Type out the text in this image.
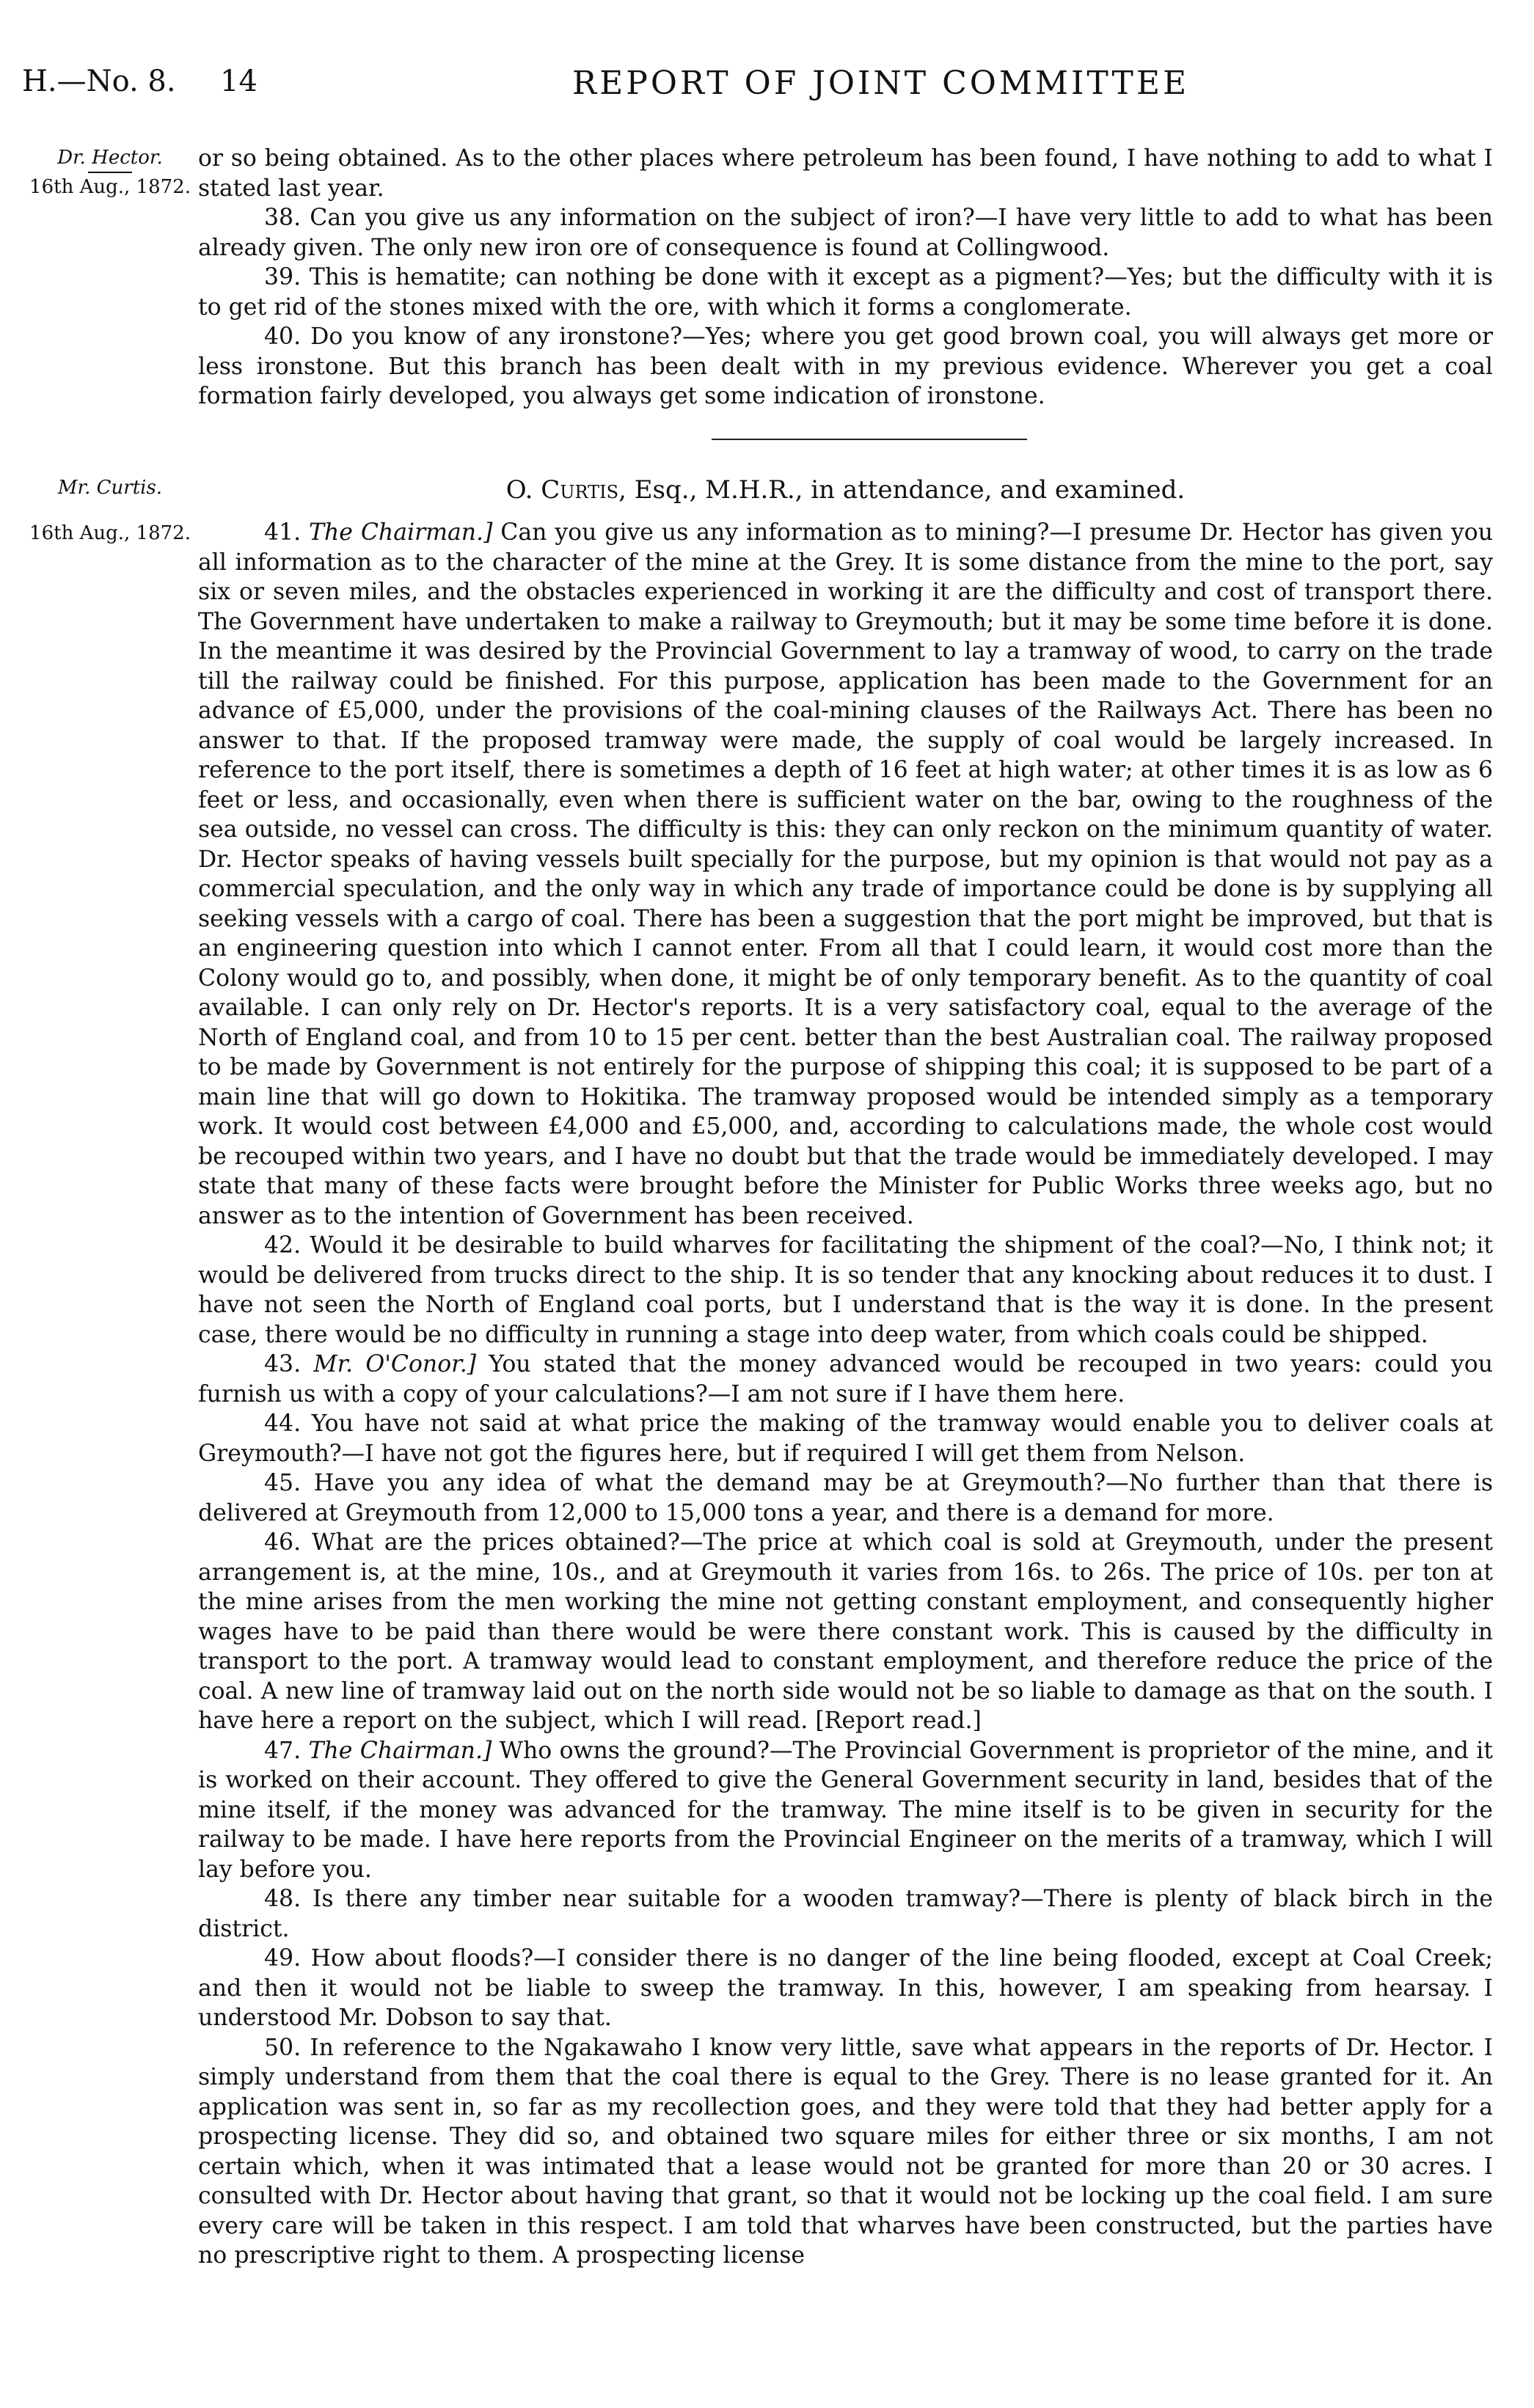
H.—No. 8. 14	REPORT OF JOINT COMMITTEE
Dr. Hector.
16th Aug., 1872.

or so being obtained. As to the other places where petroleum has been found, I have nothing to add to what I stated last year.

38. Can you give us any information on the subject of iron?—I have very little to add to what has been already given. The only new iron ore of consequence is found at Collingwood.

39. This is hematite; can nothing be done with it except as a pigment?—Yes; but the difficulty with it is to get rid of the stones mixed with the ore, with which it forms a conglomerate.

40. Do you know of any ironstone?—Yes; where you get good brown coal, you will always get more or less ironstone. But this branch has been dealt with in my previous evidence. Wherever you get a coal formation fairly developed, you always get some indication of ironstone.

Mr. Curtis.
16th Aug., 1872.
O. Curtis, Esq., M.H.R., in attendance, and examined.

41. The Chairman.] Can you give us any information as to mining?—I presume Dr. Hector has given you all information as to the character of the mine at the Grey. It is some distance from the mine to the port, say six or seven miles, and the obstacles experienced in working it are the difficulty and cost of transport there. The Government have undertaken to make a railway to Greymouth; but it may be some time before it is done. In the meantime it was desired by the Provincial Government to lay a tramway of wood, to carry on the trade till the railway could be finished. For this purpose, application has been made to the Government for an advance of £5,000, under the provisions of the coal-mining clauses of the Railways Act. There has been no answer to that. If the proposed tramway were made, the supply of coal would be largely increased. In reference to the port itself, there is sometimes a depth of 16 feet at high water; at other times it is as low as 6 feet or less, and occasionally, even when there is sufficient water on the bar, owing to the roughness of the sea outside, no vessel can cross. The difficulty is this: they can only reckon on the minimum quantity of water. Dr. Hector speaks of having vessels built specially for the purpose, but my opinion is that would not pay as a commercial speculation, and the only way in which any trade of importance could be done is by supplying all seeking vessels with a cargo of coal. There has been a suggestion that the port might be improved, but that is an engineering question into which I cannot enter. From all that I could learn, it would cost more than the Colony would go to, and possibly, when done, it might be of only temporary benefit. As to the quantity of coal available. I can only rely on Dr. Hector's reports. It is a very satisfactory coal, equal to the average of the North of England coal, and from 10 to 15 per cent. better than the best Australian coal. The railway proposed to be made by Government is not entirely for the purpose of shipping this coal; it is supposed to be part of a main line that will go down to Hokitika. The tramway proposed would be intended simply as a temporary work. It would cost between £4,000 and £5,000, and, according to calculations made, the whole cost would be recouped within two years, and I have no doubt but that the trade would be immediately developed. I may state that many of these facts were brought before the Minister for Public Works three weeks ago, but no answer as to the intention of Government has been received.

42. Would it be desirable to build wharves for facilitating the shipment of the coal?—No, I think not; it would be delivered from trucks direct to the ship. It is so tender that any knocking about reduces it to dust. I have not seen the North of England coal ports, but I understand that is the way it is done. In the present case, there would be no difficulty in running a stage into deep water, from which coals could be shipped.

43. Mr. O'Conor.] You stated that the money advanced would be recouped in two years: could you furnish us with a copy of your calculations?—I am not sure if I have them here.

44. You have not said at what price the making of the tramway would enable you to deliver coals at Greymouth?—I have not got the figures here, but if required I will get them from Nelson.

45. Have you any idea of what the demand may be at Greymouth?—No further than that there is delivered at Greymouth from 12,000 to 15,000 tons a year, and there is a demand for more.

46. What are the prices obtained?—The price at which coal is sold at Greymouth, under the present arrangement is, at the mine, 10s., and at Greymouth it varies from 16s. to 26s. The price of 10s. per ton at the mine arises from the men working the mine not getting constant employment, and consequently higher wages have to be paid than there would be were there constant work. This is caused by the difficulty in transport to the port. A tramway would lead to constant employment, and therefore reduce the price of the coal. A new line of tramway laid out on the north side would not be so liable to damage as that on the south. I have here a report on the subject, which I will read. [Report read.]

47. The Chairman.] Who owns the ground?—The Provincial Government is proprietor of the mine, and it is worked on their account. They offered to give the General Government security in land, besides that of the mine itself, if the money was advanced for the tramway. The mine itself is to be given in security for the railway to be made. I have here reports from the Provincial Engineer on the merits of a tramway, which I will lay before you.

48. Is there any timber near suitable for a wooden tramway?—There is plenty of black birch in the district.

49. How about floods?—I consider there is no danger of the line being flooded, except at Coal Creek; and then it would not be liable to sweep the tramway. In this, however, I am speaking from hearsay. I understood Mr. Dobson to say that.

50. In reference to the Ngakawaho I know very little, save what appears in the reports of Dr. Hector. I simply understand from them that the coal there is equal to the Grey. There is no lease granted for it. An application was sent in, so far as my recollection goes, and they were told that they had better apply for a prospecting license. They did so, and obtained two square miles for either three or six months, I am not certain which, when it was intimated that a lease would not be granted for more than 20 or 30 acres. I consulted with Dr. Hector about having that grant, so that it would not be locking up the coal field. I am sure every care will be taken in this respect. I am told that wharves have been constructed, but the parties have no prescriptive right to them. A prospecting license
